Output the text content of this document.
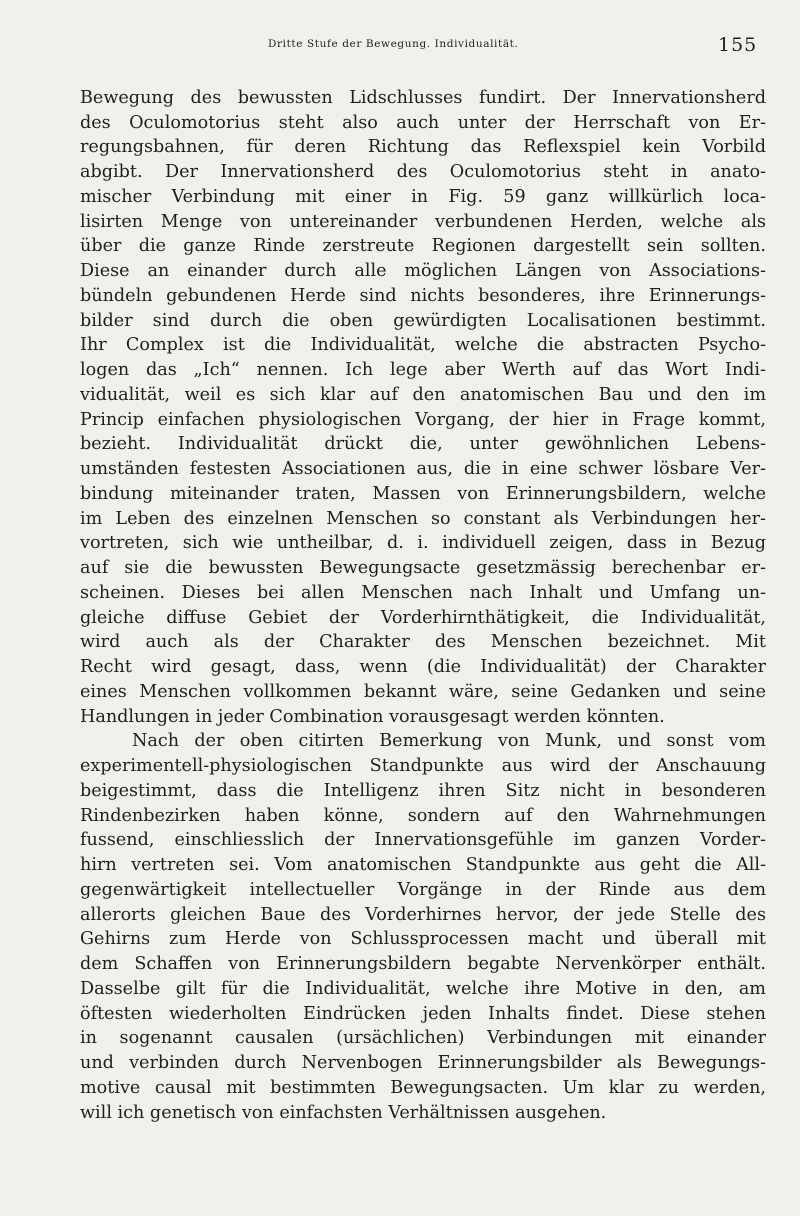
Dritte Stufe der Bewegung. Individualität.	155
Bewegung des bewussten Lidschlusses fundirt. Der Innervationsherd
des Oculomotorius steht also auch unter der Herrschaft von Er-
regungsbahnen, für deren Richtung das Reflexspiel kein Vorbild
abgibt. Der Innervationsherd des Oculomotorius steht in anato-
mischer Verbindung mit einer in Fig. 59 ganz willkürlich loca-
lisirten Menge von untereinander verbundenen Herden, welche als
über die ganze Rinde zerstreute Regionen dargestellt sein sollten.
Diese an einander durch alle möglichen Längen von Associations-
bündeln gebundenen Herde sind nichts besonderes, ihre Erinnerungs-
bilder sind durch die oben gewürdigten Localisationen bestimmt.
Ihr Complex ist die Individualität, welche die abstracten Psycho-
logen das „Ich“ nennen. Ich lege aber Werth auf das Wort Indi-
vidualität, weil es sich klar auf den anatomischen Bau und den im
Princip einfachen physiologischen Vorgang, der hier in Frage kommt,
bezieht. Individualität drückt die, unter gewöhnlichen Lebens-
umständen festesten Associationen aus, die in eine schwer lösbare Ver-
bindung miteinander traten, Massen von Erinnerungsbildern, welche
im Leben des einzelnen Menschen so constant als Verbindungen her-
vortreten, sich wie untheilbar, d. i. individuell zeigen, dass in Bezug
auf sie die bewussten Bewegungsacte gesetzmässig berechenbar er-
scheinen. Dieses bei allen Menschen nach Inhalt und Umfang un-
gleiche diffuse Gebiet der Vorderhirnthätigkeit, die Individualität,
wird auch als der Charakter des Menschen bezeichnet. Mit
Recht wird gesagt, dass, wenn (die Individualität) der Charakter
eines Menschen vollkommen bekannt wäre, seine Gedanken und seine
Handlungen in jeder Combination vorausgesagt werden könnten.
Nach der oben citirten Bemerkung von Munk, und sonst vom
experimentell-physiologischen Standpunkte aus wird der Anschauung
beigestimmt, dass die Intelligenz ihren Sitz nicht in besonderen
Rindenbezirken haben könne, sondern auf den Wahrnehmungen
fussend, einschliesslich der Innervationsgefühle im ganzen Vorder-
hirn vertreten sei. Vom anatomischen Standpunkte aus geht die All-
gegenwärtigkeit intellectueller Vorgänge in der Rinde aus dem
allerorts gleichen Baue des Vorderhirnes hervor, der jede Stelle des
Gehirns zum Herde von Schlussprocessen macht und überall mit
dem Schaffen von Erinnerungsbildern begabte Nervenkörper enthält.
Dasselbe gilt für die Individualität, welche ihre Motive in den, am
öftesten wiederholten Eindrücken jeden Inhalts findet. Diese stehen
in sogenannt causalen (ursächlichen) Verbindungen mit einander
und verbinden durch Nervenbogen Erinnerungsbilder als Bewegungs-
motive causal mit bestimmten Bewegungsacten. Um klar zu werden,
will ich genetisch von einfachsten Verhältnissen ausgehen.
